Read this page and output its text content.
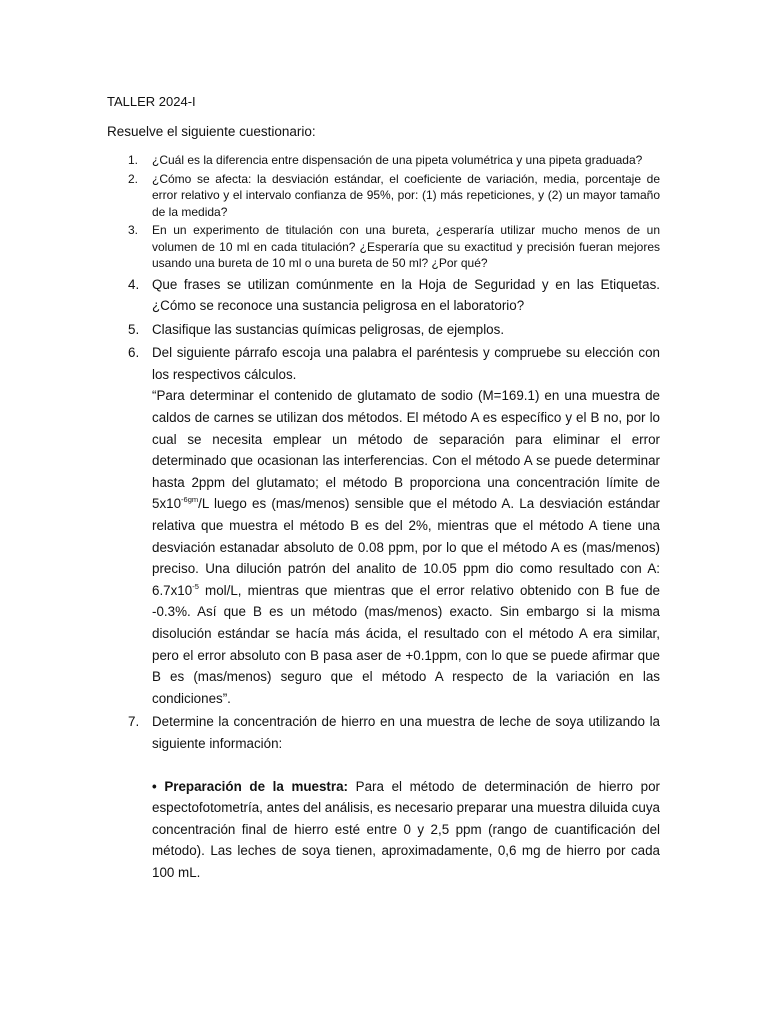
TALLER 2024-I
Resuelve el siguiente cuestionario:
1. ¿Cuál es la diferencia entre dispensación de una pipeta volumétrica y una pipeta graduada?
2. ¿Cómo se afecta: la desviación estándar, el coeficiente de variación, media, porcentaje de error relativo y el intervalo confianza de 95%, por: (1) más repeticiones, y (2) un mayor tamaño de la medida?
3. En un experimento de titulación con una bureta, ¿esperaría utilizar mucho menos de un volumen de 10 ml en cada titulación? ¿Esperaría que su exactitud y precisión fueran mejores usando una bureta de 10 ml o una bureta de 50 ml? ¿Por qué?
4. Que frases se utilizan comúnmente en la Hoja de Seguridad y en las Etiquetas. ¿Cómo se reconoce una sustancia peligrosa en el laboratorio?
5. Clasifique las sustancias químicas peligrosas, de ejemplos.
6. Del siguiente párrafo escoja una palabra el paréntesis y compruebe su elección con los respectivos cálculos.

“Para determinar el contenido de glutamato de sodio (M=169.1) en una muestra de caldos de carnes se utilizan dos métodos. El método A es específico y el B no, por lo cual se necesita emplear un método de separación para eliminar el error determinado que ocasionan las interferencias. Con el método A se puede determinar hasta 2ppm del glutamato; el método B proporciona una concentración límite de $5x10^{-6gm}/L$ luego es (mas/menos) sensible que el método A. La desviación estándar relativa que muestra el método B es del 2%, mientras que el método A tiene una desviación estanadar absoluto de 0.08 ppm, por lo que el método A es (mas/menos) preciso. Una dilución patrón del analito de 10.05 ppm dio como resultado con A: $6.7x10^{-5}$ mol/L, mientras que mientras que el error relativo obtenido con B fue de -0.3%. Así que B es un método (mas/menos) exacto. Sin embargo si la misma disolución estándar se hacía más ácida, el resultado con el método A era similar, pero el error absoluto con B pasa aser de +0.1ppm, con lo que se puede afirmar que B es (mas/menos) seguro que el método A respecto de la variación en las condiciones”.

7. Determine la concentración de hierro en una muestra de leche de soya utilizando la siguiente información:

• Preparación de la muestra: Para el método de determinación de hierro por espectofotometría, antes del análisis, es necesario preparar una muestra diluida cuya concentración final de hierro esté entre 0 y 2,5 ppm (rango de cuantificación del método). Las leches de soya tienen, aproximadamente, 0,6 mg de hierro por cada 100 mL.
